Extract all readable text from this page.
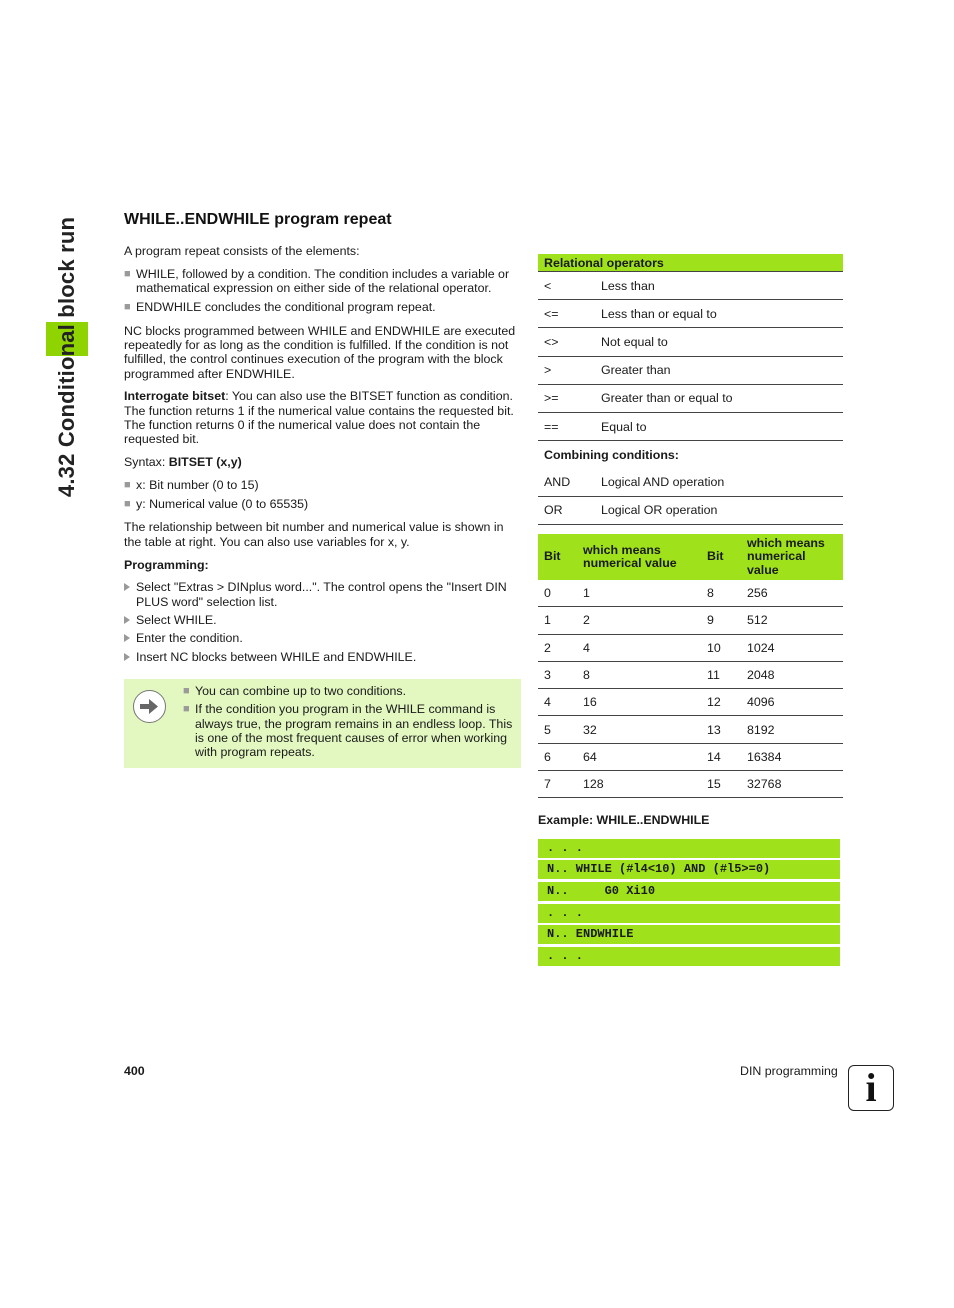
4.32 Conditional block run	WHILE..ENDWHILE program repeat

A program repeat consists of the elements:

■ WHILE, followed by a condition. The condition includes a variable or mathematical expression on either side of the relational operator.
■ ENDWHILE concludes the conditional program repeat.

NC blocks programmed between WHILE and ENDWHILE are executed repeatedly for as long as the condition is fulfilled. If the condition is not fulfilled, the control continues execution of the program with the block programmed after ENDWHILE.

Interrogate bitset: You can also use the BITSET function as condition. The function returns 1 if the numerical value contains the requested bit. The function returns 0 if the numerical value does not contain the requested bit.

Syntax: BITSET (x,y)

■ x: Bit number (0 to 15)
■ y: Numerical value (0 to 65535)

The relationship between bit number and numerical value is shown in the table at right. You can also use variables for x, y.

Programming:

Select "Extras > DINplus word...". The control opens the "Insert DIN PLUS word" selection list.
Select WHILE.
Enter the condition.
Insert NC blocks between WHILE and ENDWHILE.
■ You can combine up to two conditions.
■ If the condition you program in the WHILE command is always true, the program remains in an endless loop. This is one of the most frequent causes of error when working with program repeats.
Relational operators	
<	Less than
<=	Less than or equal to
<>	Not equal to
>	Greater than
>=	Greater than or equal to
==	Equal to
Combining conditions:	
AND	Logical AND operation
OR	Logical OR operation
Bit	which means numerical value	Bit	which means numerical value
0	1	8	256
1	2	9	512
2	4	10	1024
3	8	11	2048
4	16	12	4096
5	32	13	8192
6	64	14	16384
7	128	15	32768
Example: WHILE..ENDWHILE
. . .
N.. WHILE (#l4<10) AND (#l5>=0)
N..     G0 Xi10
. . .
N.. ENDWHILE
. . .
400	DIN programming i
